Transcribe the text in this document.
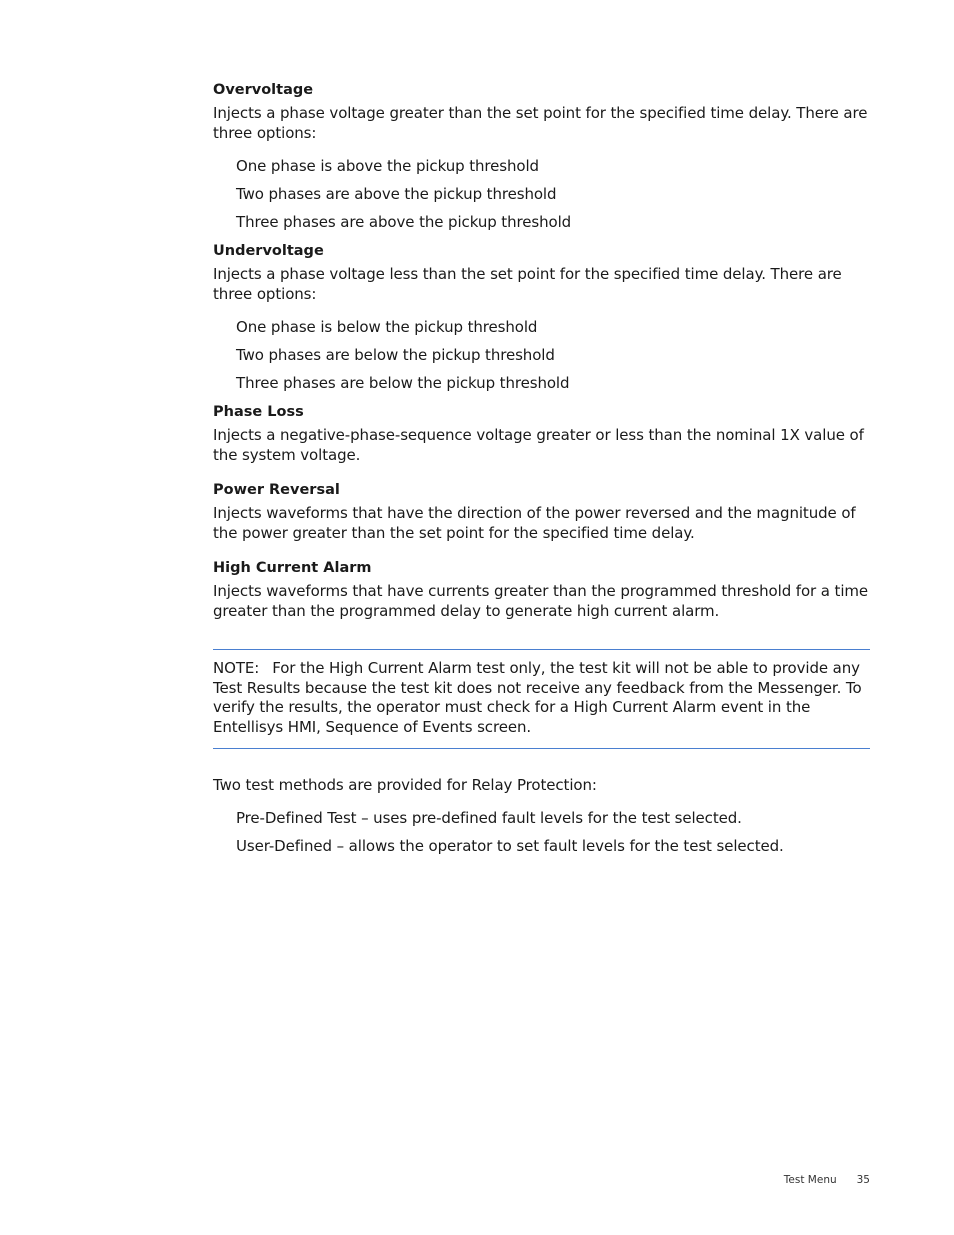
Overvoltage

Injects a phase voltage greater than the set point for the specified time delay. There are three options:

One phase is above the pickup threshold
Two phases are above the pickup threshold
Three phases are above the pickup threshold
Undervoltage

Injects a phase voltage less than the set point for the specified time delay. There are three options:

One phase is below the pickup threshold
Two phases are below the pickup threshold
Three phases are below the pickup threshold
Phase Loss

Injects a negative-phase-sequence voltage greater or less than the nominal 1X value of the system voltage.

Power Reversal

Injects waveforms that have the direction of the power reversed and the magnitude of the power greater than the set point for the specified time delay.

High Current Alarm

Injects waveforms that have currents greater than the programmed threshold for a time greater than the programmed delay to generate high current alarm.

NOTE: For the High Current Alarm test only, the test kit will not be able to provide any Test Results because the test kit does not receive any feedback from the Messenger. To verify the results, the operator must check for a High Current Alarm event in the Entellisys HMI, Sequence of Events screen.

Two test methods are provided for Relay Protection:

Pre-Defined Test – uses pre-defined fault levels for the test selected.
User-Defined – allows the operator to set fault levels for the test selected.
Test Menu 35
